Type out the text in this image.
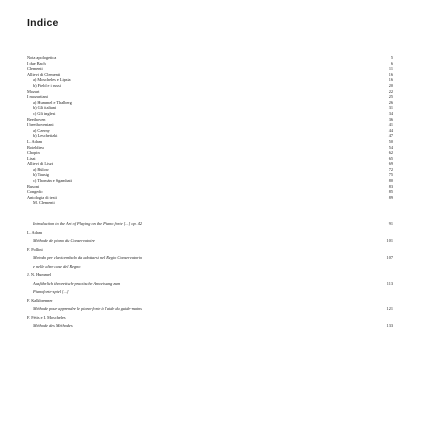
Indice
Nota apologetica	5
I due Bach	6
Clementi	11
Allievi di Clementi	16
a) Moscheles e Lipsia	16
b) Field e i russi	20
Mozart	22
I mozartiani	25
a) Hummel e Thalberg	26
b) Gli italiani	31
c) Gli inglesi	34
Beethoven	36
I beethoveniani	41
a) Czerny	44
b) Leschetizki	47
L. Adam	50
Boieldieu	54
Chopin	62
Liszt	65
Allievi di Liszt	69
a) Bülow	72
b) Tausig	75
c) Thomán e Sgambati	80
Busoni	83
Congedo	85
Antologia di testi	89
M. Clementi
Introduction to the Art of Playing on the Piano forte [...] op. 42	91
L. Adam
Méthode de piano du Conservatoire	101
F. Pollini
Metodo per clavicembalo da adottarsi nel Regio Conservatorio	107
e nelle altre case del Regno
J. N. Hummel
Ausführlich theoretisch-practische Anweisung zum	113
Pianoforte-spiel [...]
F. Kalkbrenner
Méthode pour apprendre le piano-forte à l'aide du guide-mains	121
F. Fétis e I. Moscheles
Méthode des Méthodes	133
